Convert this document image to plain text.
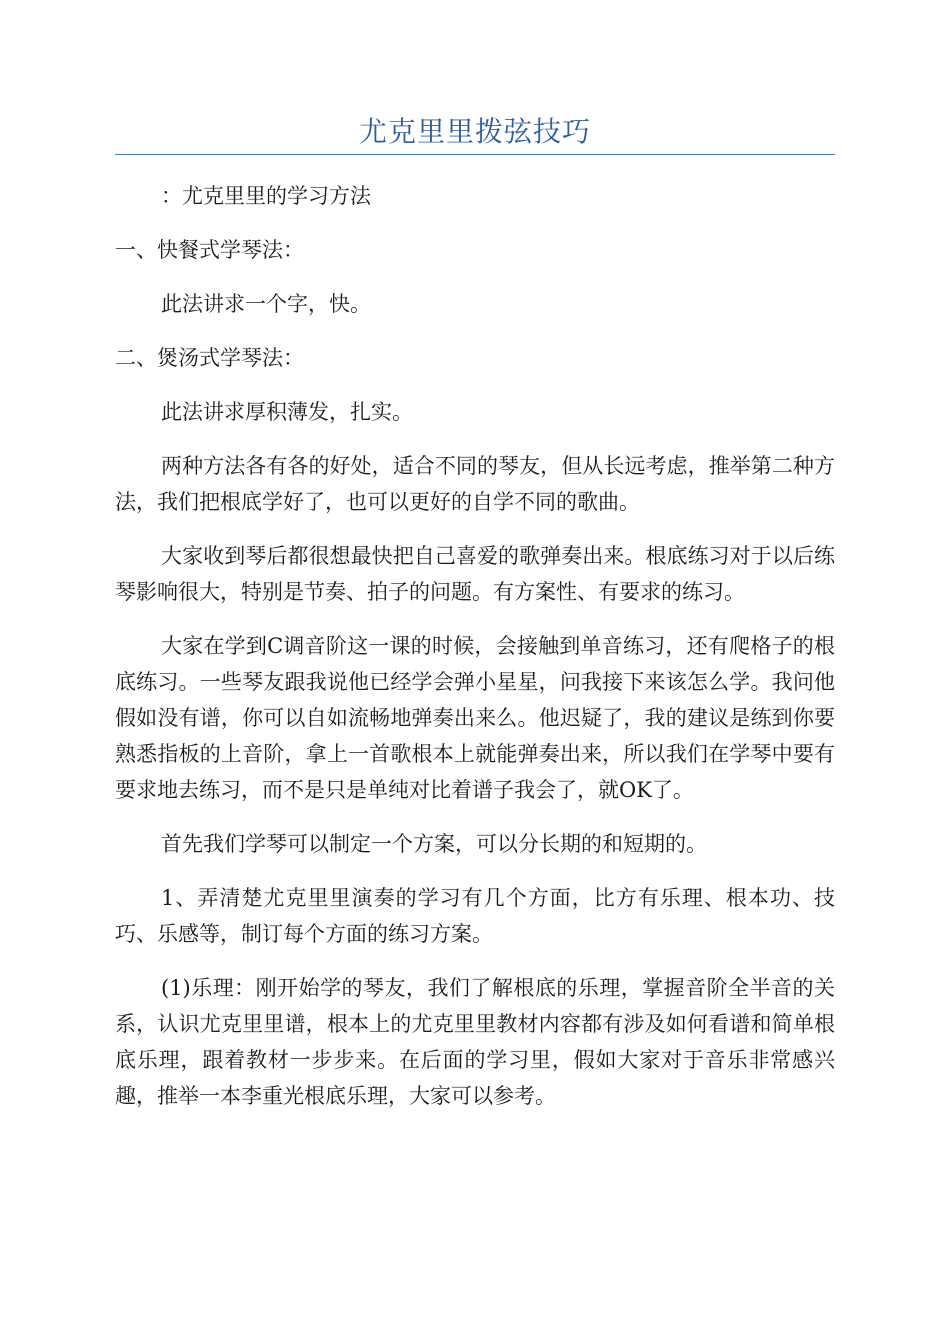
尤克里里拨弦技巧

：尤克里里的学习方法

一、快餐式学琴法：

此法讲求一个字，快。

二、煲汤式学琴法：

此法讲求厚积薄发，扎实。

两种方法各有各的好处，适合不同的琴友，但从长远考虑，推举第二种方法，我们把根底学好了，也可以更好的自学不同的歌曲。

大家收到琴后都很想最快把自己喜爱的歌弹奏出来。根底练习对于以后练琴影响很大，特别是节奏、拍子的问题。有方案性、有要求的练习。

大家在学到C调音阶这一课的时候，会接触到单音练习，还有爬格子的根底练习。一些琴友跟我说他已经学会弹小星星，问我接下来该怎么学。我问他假如没有谱，你可以自如流畅地弹奏出来么。他迟疑了，我的建议是练到你要熟悉指板的上音阶，拿上一首歌根本上就能弹奏出来，所以我们在学琴中要有要求地去练习，而不是只是单纯对比着谱子我会了，就OK了。

首先我们学琴可以制定一个方案，可以分长期的和短期的。

1、弄清楚尤克里里演奏的学习有几个方面，比方有乐理、根本功、技巧、乐感等，制订每个方面的练习方案。

(1)乐理：刚开始学的琴友，我们了解根底的乐理，掌握音阶全半音的关系，认识尤克里里谱，根本上的尤克里里教材内容都有涉及如何看谱和简单根底乐理，跟着教材一步步来。在后面的学习里，假如大家对于音乐非常感兴趣，推举一本李重光根底乐理，大家可以参考。
